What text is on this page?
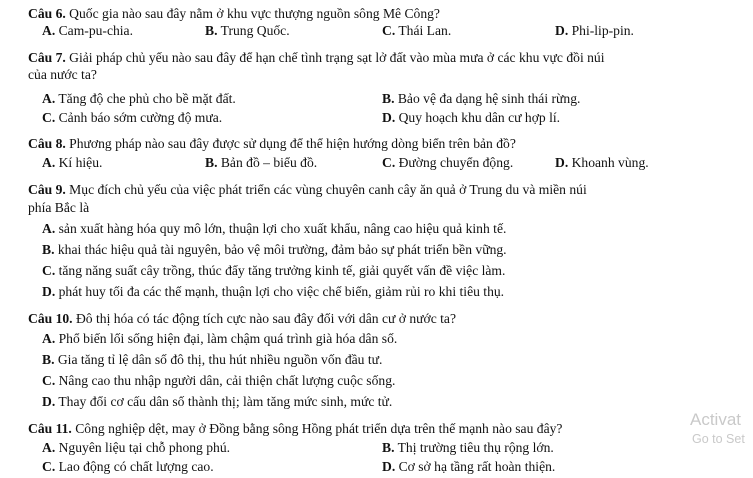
Câu 6. Quốc gia nào sau đây nằm ở khu vực thượng nguồn sông Mê Công?
A. Cam-pu-chia.	B. Trung Quốc.	C. Thái Lan.	D. Phi-lip-pin.
Câu 7. Giải pháp chủ yếu nào sau đây để hạn chế tình trạng sạt lở đất vào mùa mưa ở các khu vực đồi núi
của nước ta?
A. Tăng độ che phủ cho bề mặt đất.	B. Bảo vệ đa dạng hệ sinh thái rừng.
C. Cảnh báo sớm cường độ mưa.	D. Quy hoạch khu dân cư hợp lí.
Câu 8. Phương pháp nào sau đây được sử dụng để thể hiện hướng dòng biển trên bản đồ?
A. Kí hiệu.	B. Bản đồ – biểu đồ.	C. Đường chuyển động.	D. Khoanh vùng.
Câu 9. Mục đích chủ yếu của việc phát triển các vùng chuyên canh cây ăn quả ở Trung du và miền núi
phía Bắc là
A. sản xuất hàng hóa quy mô lớn, thuận lợi cho xuất khẩu, nâng cao hiệu quả kinh tế.
B. khai thác hiệu quả tài nguyên, bảo vệ môi trường, đảm bảo sự phát triển bền vững.
C. tăng năng suất cây trồng, thúc đẩy tăng trưởng kinh tế, giải quyết vấn đề việc làm.
D. phát huy tối đa các thế mạnh, thuận lợi cho việc chế biến, giảm rủi ro khi tiêu thụ.
Câu 10. Đô thị hóa có tác động tích cực nào sau đây đối với dân cư ở nước ta?
A. Phổ biến lối sống hiện đại, làm chậm quá trình già hóa dân số.
B. Gia tăng tỉ lệ dân số đô thị, thu hút nhiều nguồn vốn đầu tư.
C. Nâng cao thu nhập người dân, cải thiện chất lượng cuộc sống.
D. Thay đổi cơ cấu dân số thành thị; làm tăng mức sinh, mức tử.
Câu 11. Công nghiệp dệt, may ở Đồng bằng sông Hồng phát triển dựa trên thế mạnh nào sau đây?
A. Nguyên liệu tại chỗ phong phú.	B. Thị trường tiêu thụ rộng lớn.
C. Lao động có chất lượng cao.	D. Cơ sở hạ tầng rất hoàn thiện.
Activat
Go to Set
